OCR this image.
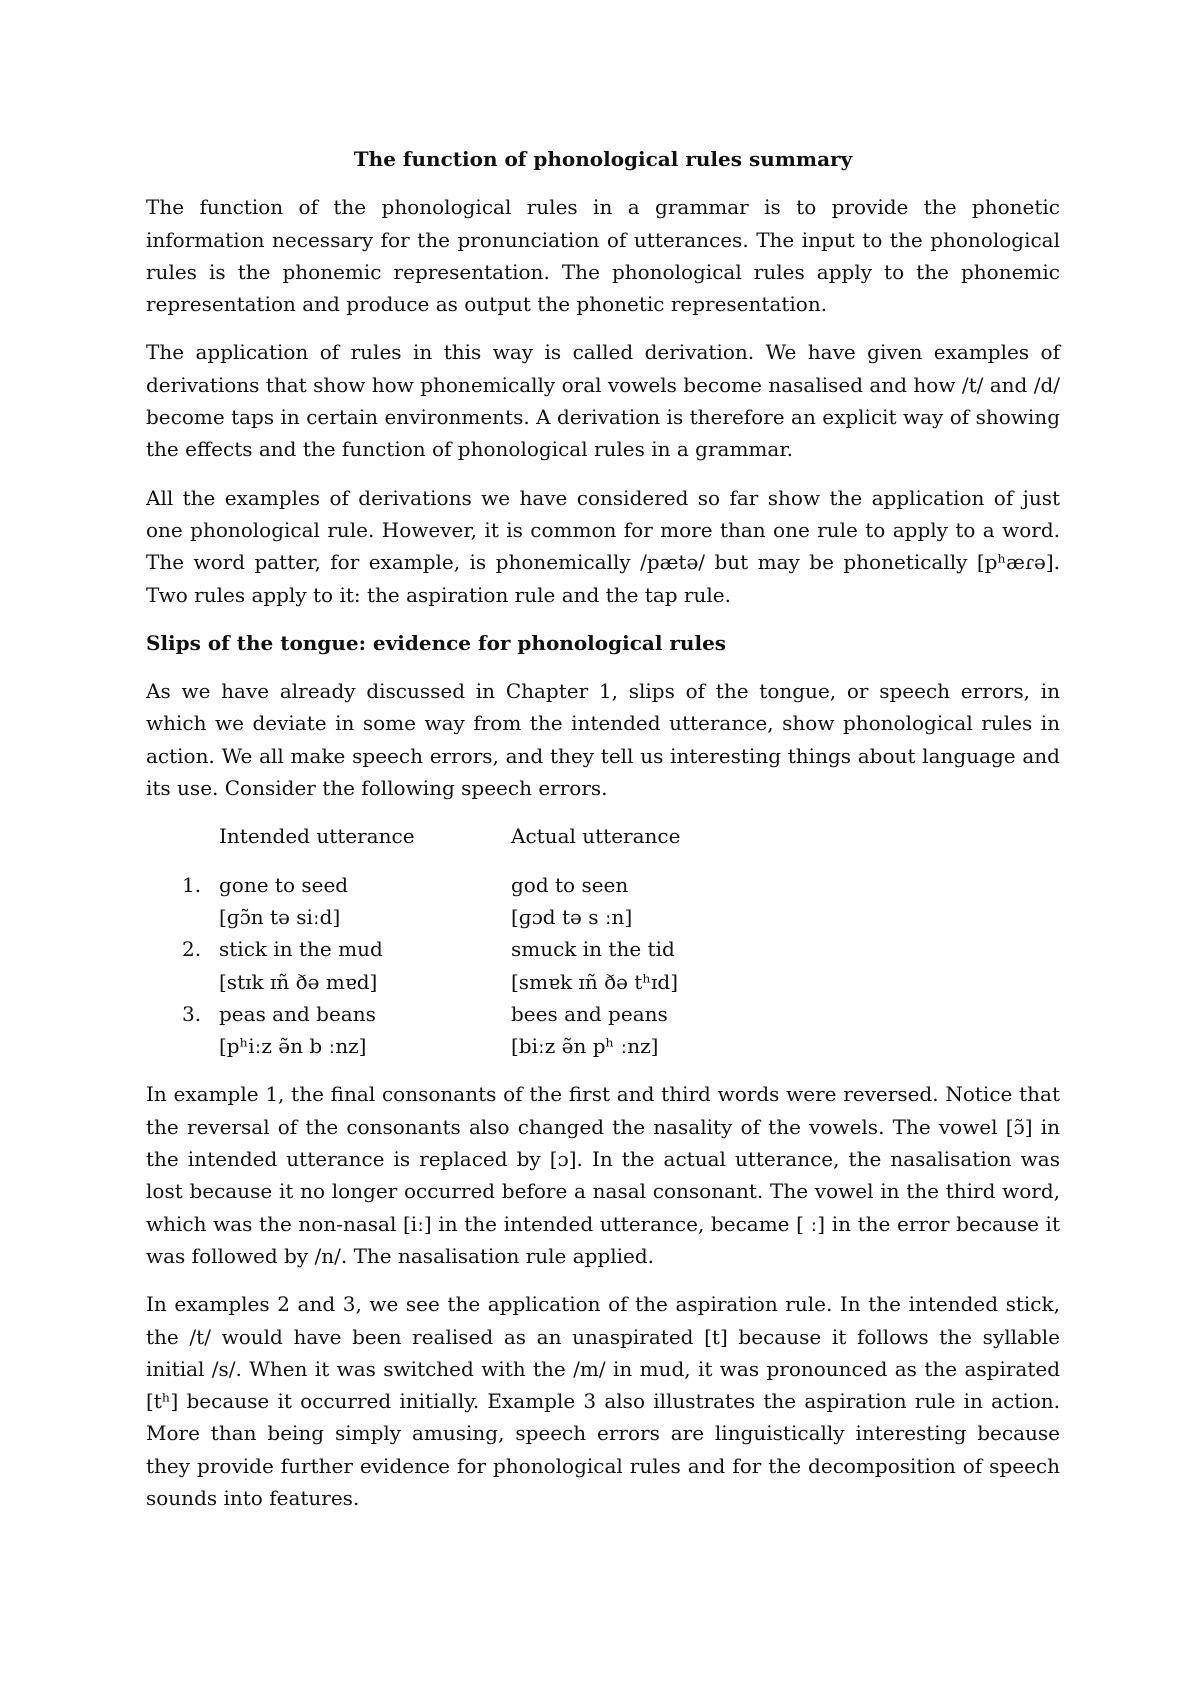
The function of phonological rules summary

The function of the phonological rules in a grammar is to provide the phonetic information necessary for the pronunciation of utterances. The input to the phonological rules is the phonemic representation. The phonological rules apply to the phonemic representation and produce as output the phonetic representation.

The application of rules in this way is called derivation. We have given examples of derivations that show how phonemically oral vowels become nasalised and how /t/ and /d/ become taps in certain environments. A derivation is therefore an explicit way of showing the effects and the function of phonological rules in a grammar.

All the examples of derivations we have considered so far show the application of just one phonological rule. However, it is common for more than one rule to apply to a word. The word patter, for example, is phonemically /pætə/ but may be phonetically [pʰæɾə]. Two rules apply to it: the aspiration rule and the tap rule.

Slips of the tongue: evidence for phonological rules

As we have already discussed in Chapter 1, slips of the tongue, or speech errors, in which we deviate in some way from the intended utterance, show phonological rules in action. We all make speech errors, and they tell us interesting things about language and its use. Consider the following speech errors.

Intended utterance	Actual utterance
1. gone to seed	god to seen
[ɡɔ̃n tə siːd]	[ɡɔd tə s ːn]
2. stick in the mud	smuck in the tid
[stɪk ɪñ ðə mɐd]	[smɐk ɪñ ðə tʰɪd]
3. peas and beans	bees and peans
[pʰiːz ə̃n b ːnz]	[biːz ə̃n pʰ ːnz]

In example 1, the final consonants of the first and third words were reversed. Notice that the reversal of the consonants also changed the nasality of the vowels. The vowel [ɔ̃] in the intended utterance is replaced by [ɔ]. In the actual utterance, the nasalisation was lost because it no longer occurred before a nasal consonant. The vowel in the third word, which was the non-nasal [iː] in the intended utterance, became [ ː] in the error because it was followed by /n/. The nasalisation rule applied.

In examples 2 and 3, we see the application of the aspiration rule. In the intended stick, the /t/ would have been realised as an unaspirated [t] because it follows the syllable initial /s/. When it was switched with the /m/ in mud, it was pronounced as the aspirated [tʰ] because it occurred initially. Example 3 also illustrates the aspiration rule in action. More than being simply amusing, speech errors are linguistically interesting because they provide further evidence for phonological rules and for the decomposition of speech sounds into features.
